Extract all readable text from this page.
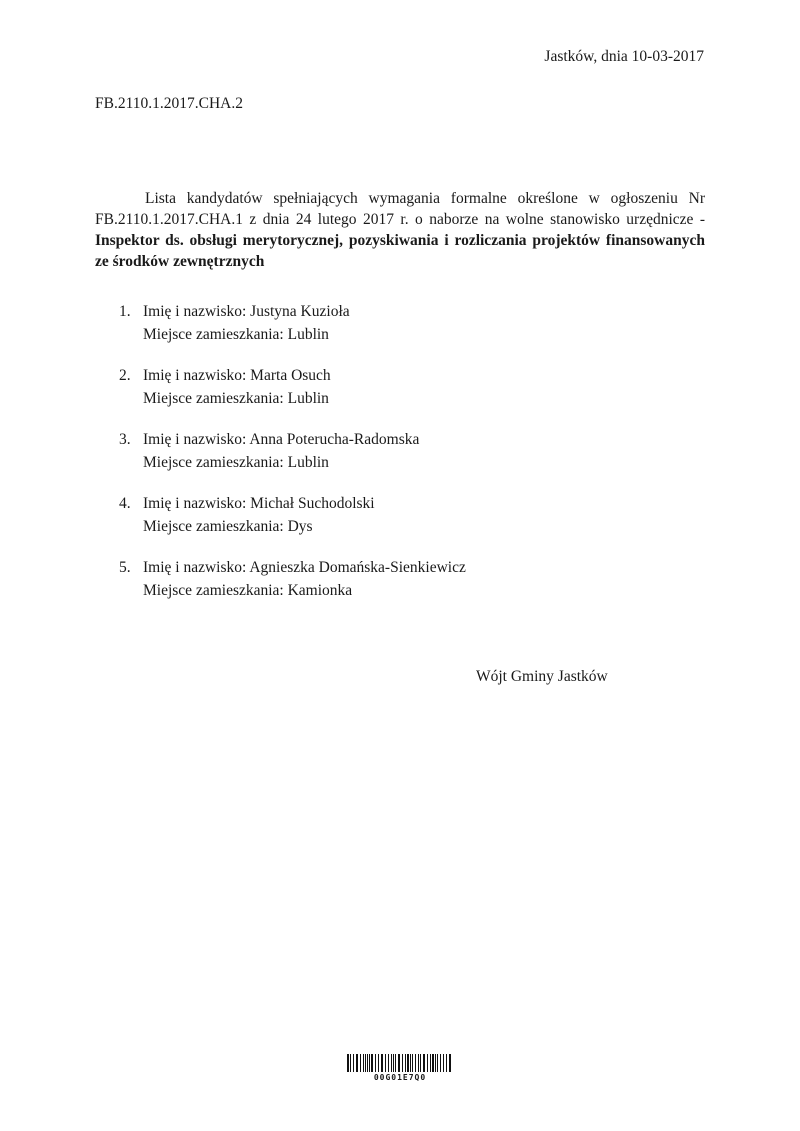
Jastków, dnia 10-03-2017
FB.2110.1.2017.CHA.2
Lista kandydatów spełniających wymagania formalne określone w ogłoszeniu Nr FB.2110.1.2017.CHA.1 z dnia 24 lutego 2017 r. o naborze na wolne stanowisko urzędnicze - Inspektor ds. obsługi merytorycznej, pozyskiwania i rozliczania projektów finansowanych ze środków zewnętrznych
1. Imię i nazwisko: Justyna Kuzioła
Miejsce zamieszkania: Lublin
2. Imię i nazwisko: Marta Osuch
Miejsce zamieszkania: Lublin
3. Imię i nazwisko: Anna Poterucha-Radomska
Miejsce zamieszkania: Lublin
4. Imię i nazwisko: Michał Suchodolski
Miejsce zamieszkania: Dys
5. Imię i nazwisko: Agnieszka Domańska-Sienkiewicz
Miejsce zamieszkania: Kamionka
Wójt Gminy Jastków
00G01E7Q0
